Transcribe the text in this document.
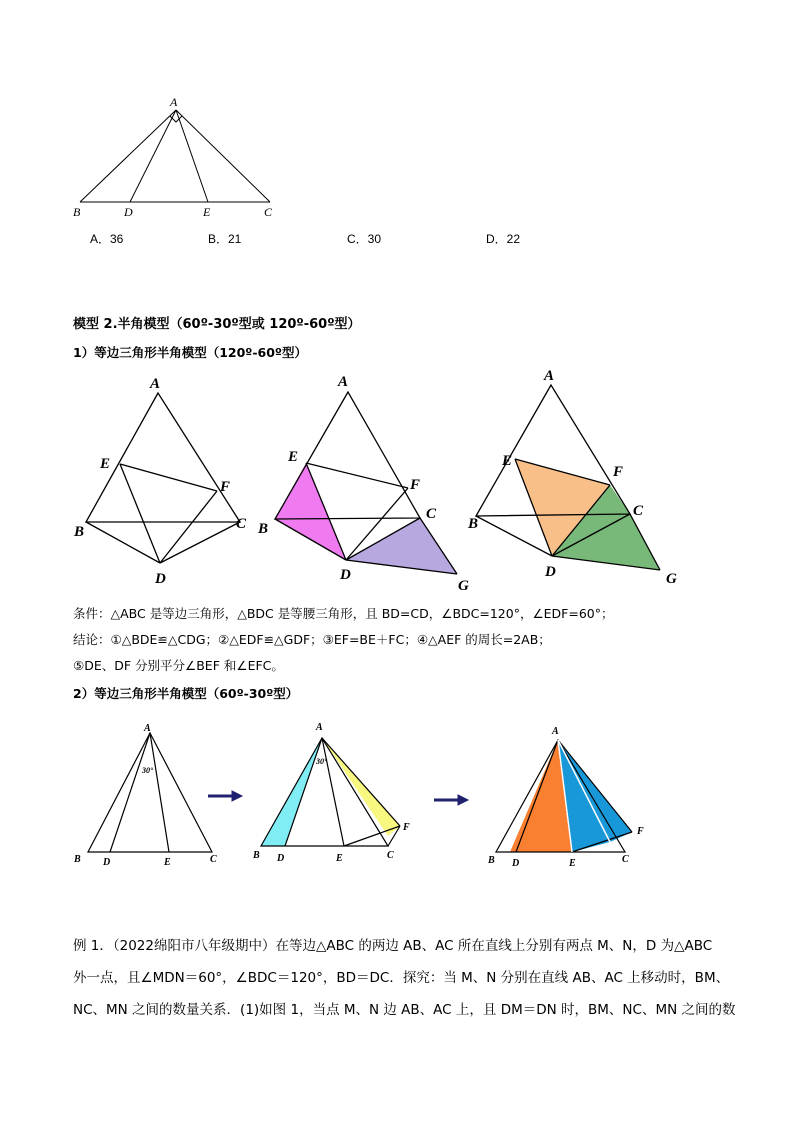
A
B	D	E	C
A．36	B．21	C．30	D．22
模型 2.半角模型（60º-30º型或 120º-60º型）
1）等边三角形半角模型（120º-60º型）
A
E
F
B	C
D
A
E
F
B
C
D
G
A
E
F
B
C
D	G
条件：△ABC 是等边三角形，△BDC 是等腰三角形，且 BD=CD，∠BDC=120°，∠EDF=60°；
结论：①△BDE≌△CDG；②△EDF≌△GDF；③EF=BE＋FC；④△AEF 的周长=2AB；
⑤DE、DF 分别平分∠BEF 和∠EFC。
2）等边三角形半角模型（60º-30º型）
A
30°
B D	E	C
A
30°
B D	E	C
F
A
B D	E	C
F
例 1．（2022绵阳市八年级期中）在等边△ABC 的两边 AB、AC 所在直线上分别有两点 M、N，D 为△ABC
外一点，且∠MDN＝60°，∠BDC＝120°，BD＝DC．探究：当 M、N 分别在直线 AB、AC 上移动时，BM、
NC、MN 之间的数量关系．(1)如图 1，当点 M、N 边 AB、AC 上，且 DM＝DN 时，BM、NC、MN 之间的数
